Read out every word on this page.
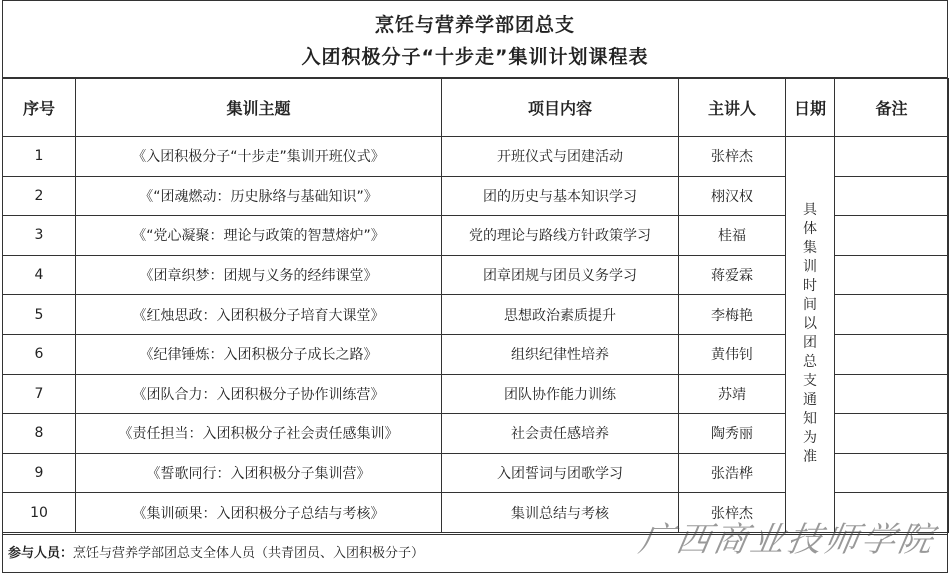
烹饪与营养学部团总支
入团积极分子“十步走”集训计划课程表
序号	集训主题	项目内容	主讲人	日期	备注
1	《入团积极分子“十步走”集训开班仪式》	开班仪式与团建活动	张梓杰	具体集训时间以团总支通知为准	
2	《“团魂燃动：历史脉络与基础知识”》	团的历史与基本知识学习	栩汉权		
3	《“党心凝聚：理论与政策的智慧熔炉”》	党的理论与路线方针政策学习	桂福		
4	《团章织梦：团规与义务的经纬课堂》	团章团规与团员义务学习	蒋爱霖		
5	《红烛思政：入团积极分子培育大课堂》	思想政治素质提升	李梅艳		
6	《纪律锤炼：入团积极分子成长之路》	组织纪律性培养	黄伟钊		
7	《团队合力：入团积极分子协作训练营》	团队协作能力训练	苏靖		
8	《责任担当：入团积极分子社会责任感集训》	社会责任感培养	陶秀丽		
9	《誓歌同行：入团积极分子集训营》	入团誓词与团歌学习	张浩桦		
10	《集训硕果：入团积极分子总结与考核》	集训总结与考核	张梓杰		
参与人员：烹饪与营养学部团总支全体人员（共青团员、入团积极分子）	广西商业技师学院
